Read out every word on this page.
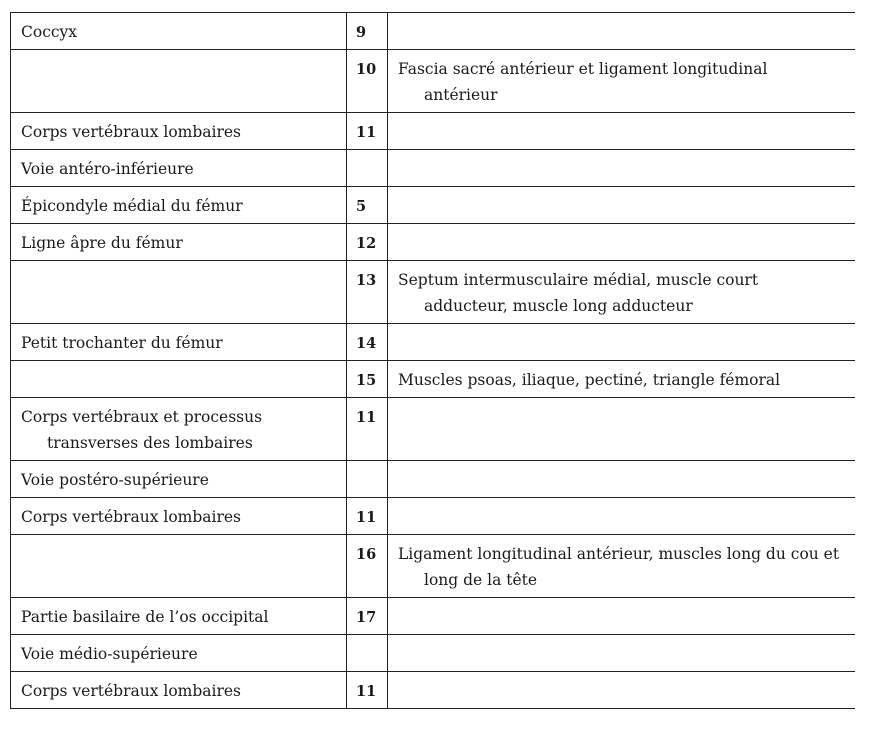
Coccyx	9	
	10	Fascia sacré antérieur et ligament longitudinal antérieur
Corps vertébraux lombaires	11	
Voie antéro-inférieure		
Épicondyle médial du fémur	5	
Ligne âpre du fémur	12	
	13	Septum intermusculaire médial, muscle court adducteur, muscle long adducteur
Petit trochanter du fémur	14	
	15	Muscles psoas, iliaque, pectiné, triangle fémoral
Corps vertébraux et processus transverses des lombaires	11	
Voie postéro-supérieure		
Corps vertébraux lombaires	11	
	16	Ligament longitudinal antérieur, muscles long du cou et long de la tête
Partie basilaire de l’os occipital	17	
Voie médio-supérieure		
Corps vertébraux lombaires	11	
